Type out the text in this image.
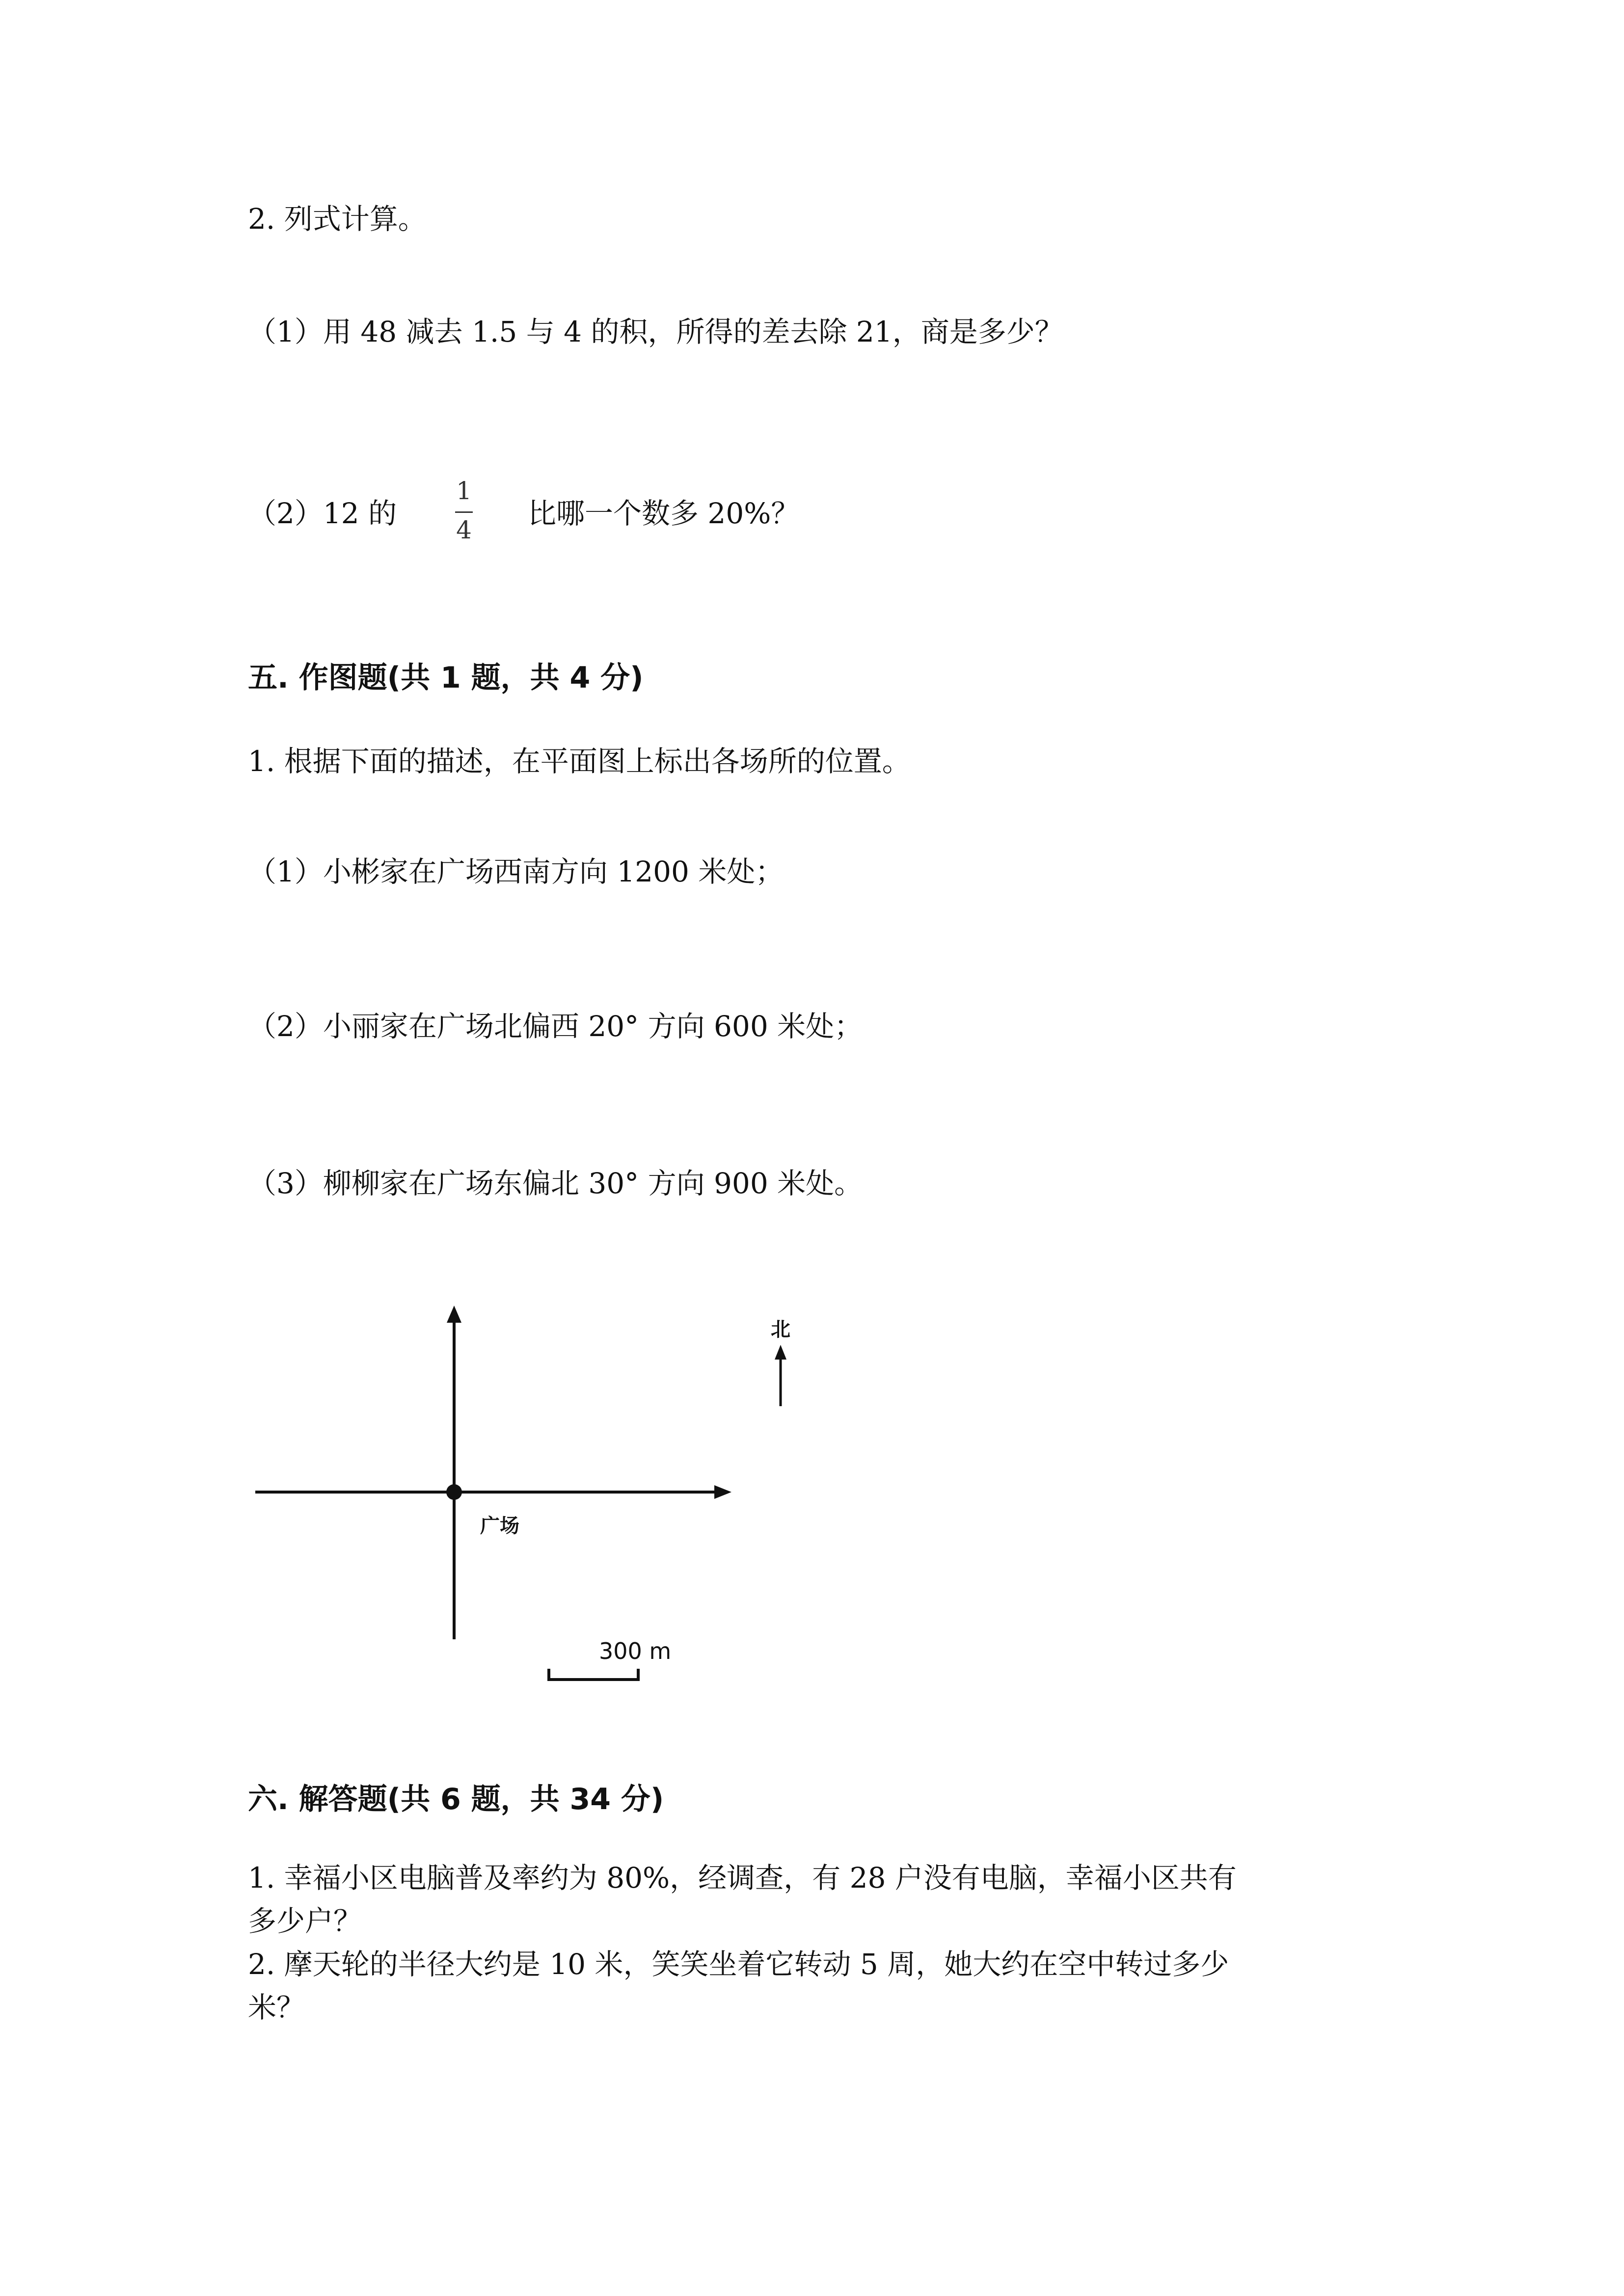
2. 列式计算。
（1）用 48 减去 1.5 与 4 的积，所得的差去除 21，商是多少？
（2）12 的
1
4 比哪一个数多 20%？
五. 作图题(共 1 题，共 4 分)
1. 根据下面的描述，在平面图上标出各场所的位置。
（1）小彬家在广场西南方向 1200 米处；
（2）小丽家在广场北偏西 20° 方向 600 米处；
（3）柳柳家在广场东偏北 30° 方向 900 米处。
广场
北
300 m
六. 解答题(共 6 题，共 34 分)
1. 幸福小区电脑普及率约为 80%，经调查，有 28 户没有电脑，幸福小区共有
多少户？
2. 摩天轮的半径大约是 10 米，笑笑坐着它转动 5 周，她大约在空中转过多少
米？
